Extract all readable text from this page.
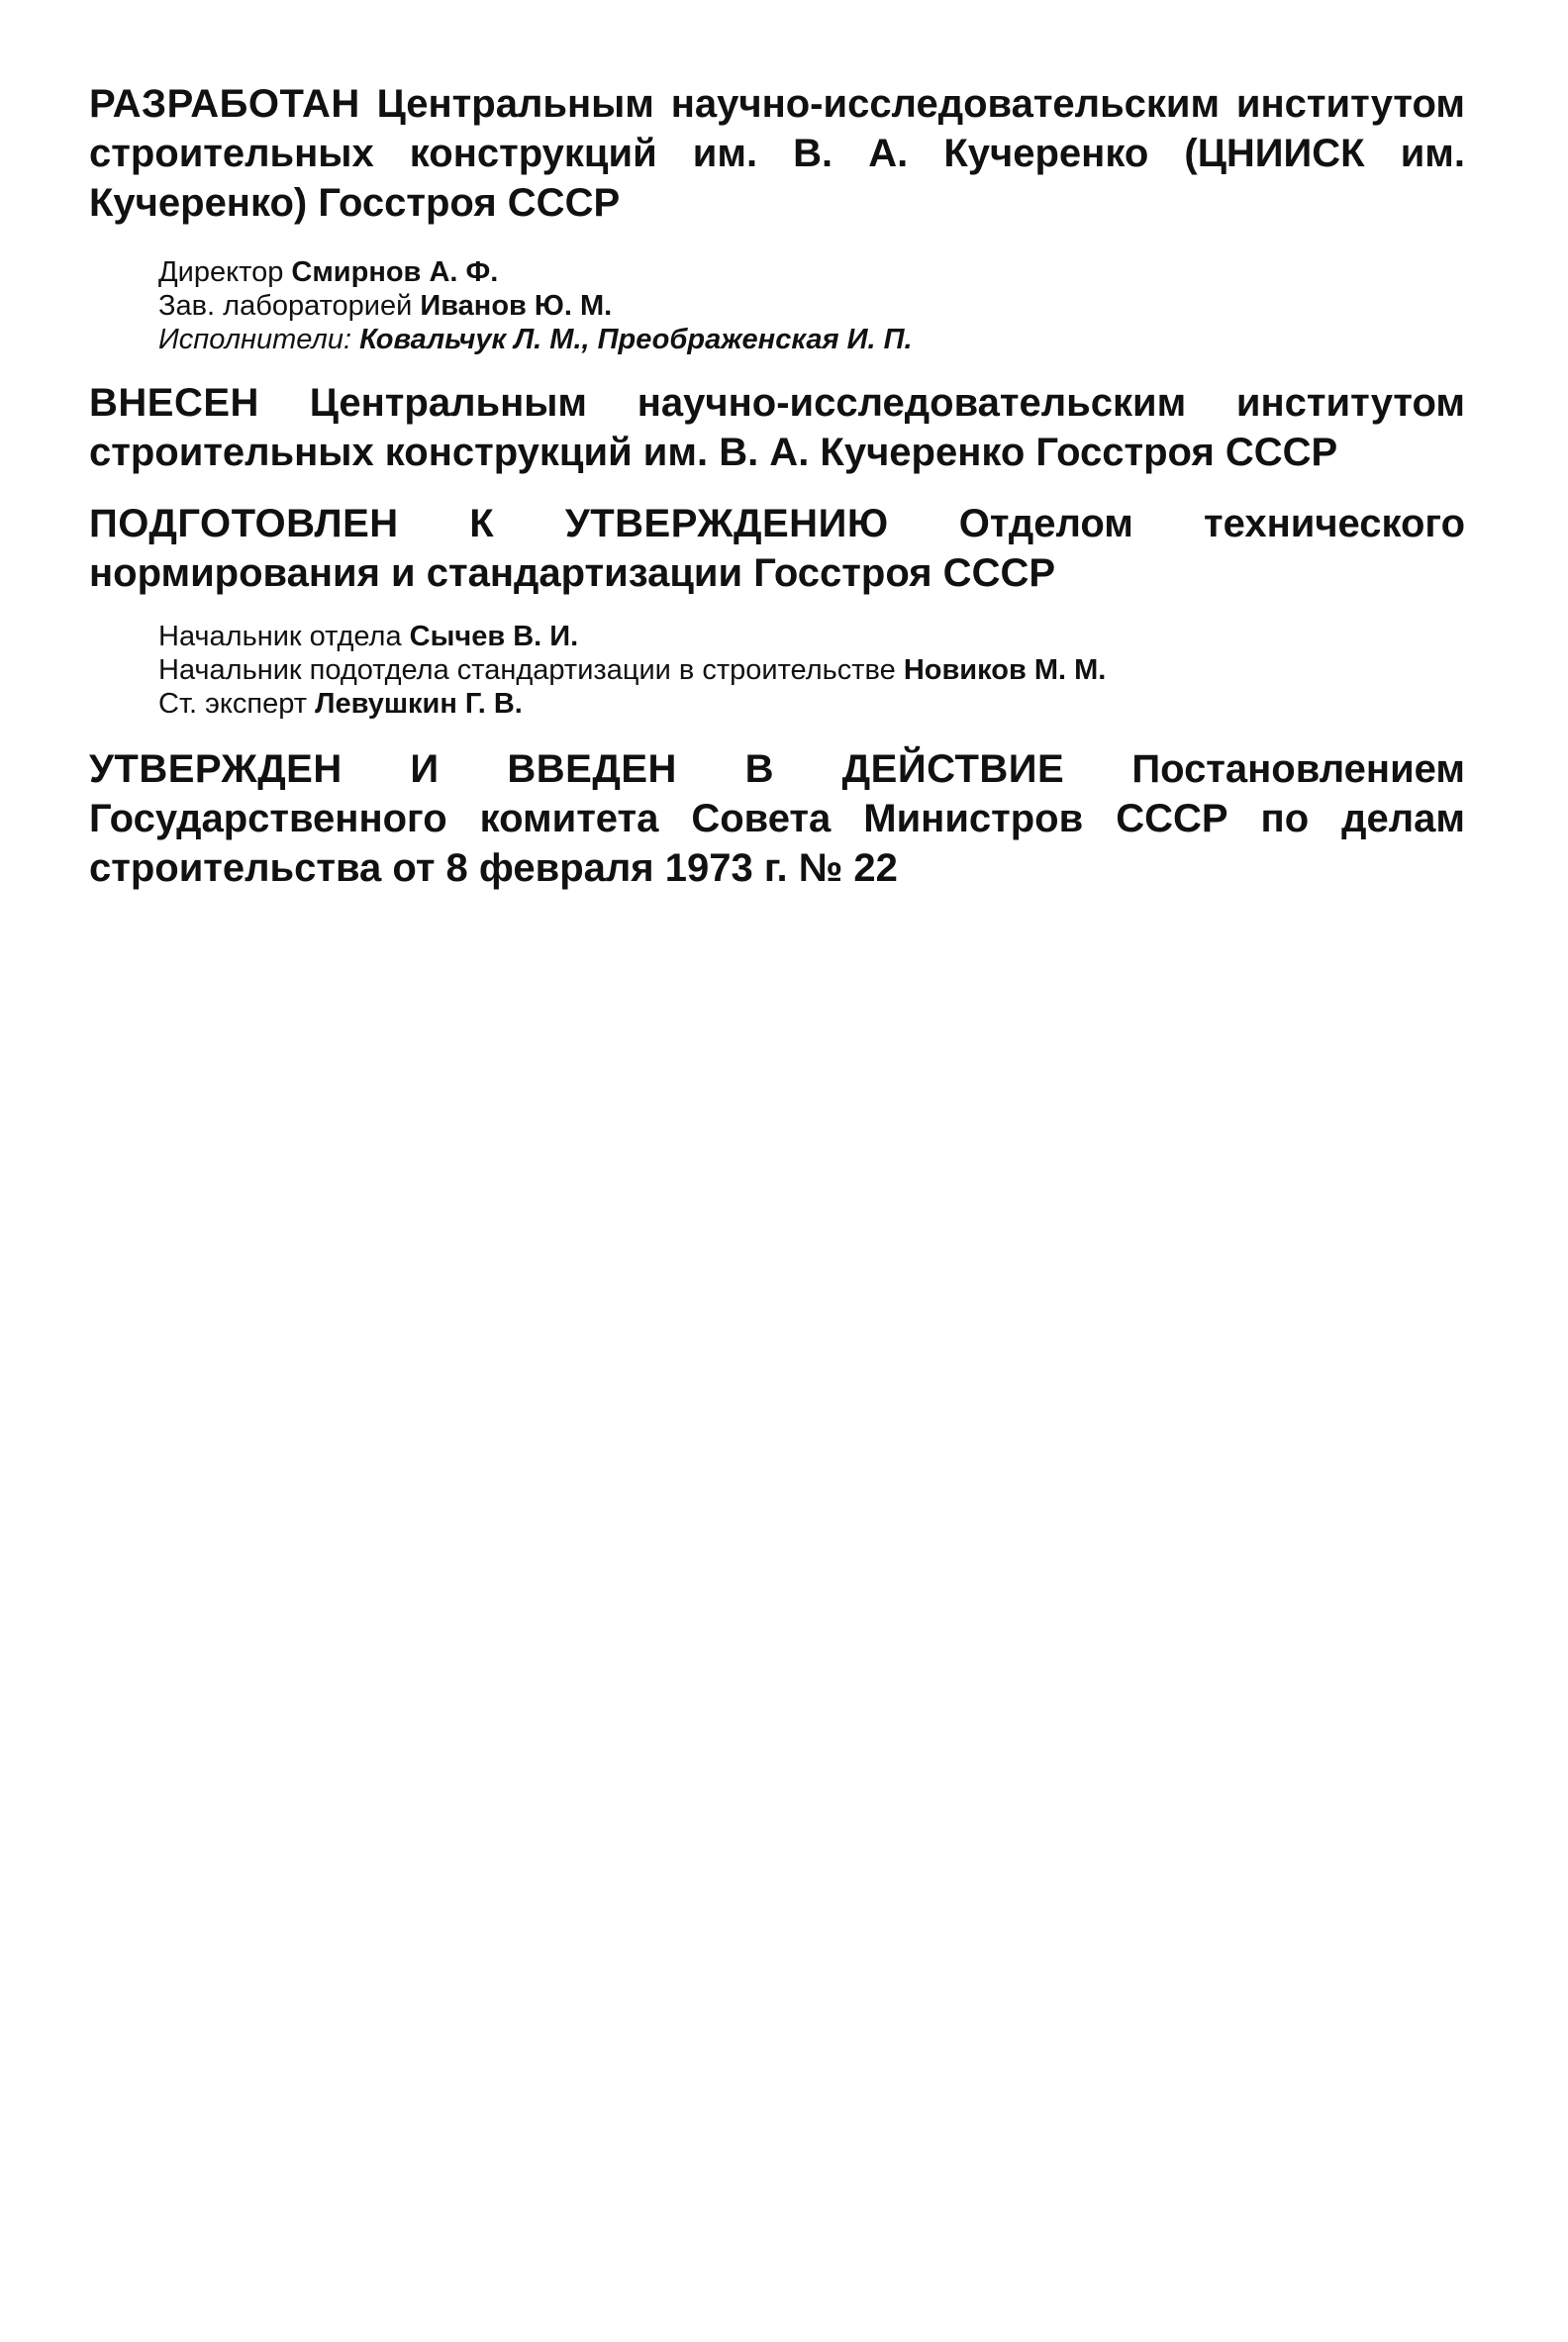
РАЗРАБОТАН Центральным научно-исследовательским институтом строительных конструкций им. В. А. Кучеренко (ЦНИИСК им. Кучеренко) Госстроя СССР

Директор Смирнов А. Ф.
Зав. лабораторией Иванов Ю. М.
Исполнители: Ковальчук Л. М., Преображенская И. П.

ВНЕСЕН Центральным научно-исследовательским институтом строительных конструкций им. В. А. Кучеренко Госстроя СССР

ПОДГОТОВЛЕН К УТВЕРЖДЕНИЮ Отделом технического нормирования и стандартизации Госстроя СССР

Начальник отдела Сычев В. И.
Начальник подотдела стандартизации в строительстве Новиков М. М.
Ст. эксперт Левушкин Г. В.

УТВЕРЖДЕН И ВВЕДЕН В ДЕЙСТВИЕ Постановлением Государственного комитета Совета Министров СССР по делам строительства от 8 февраля 1973 г. № 22
